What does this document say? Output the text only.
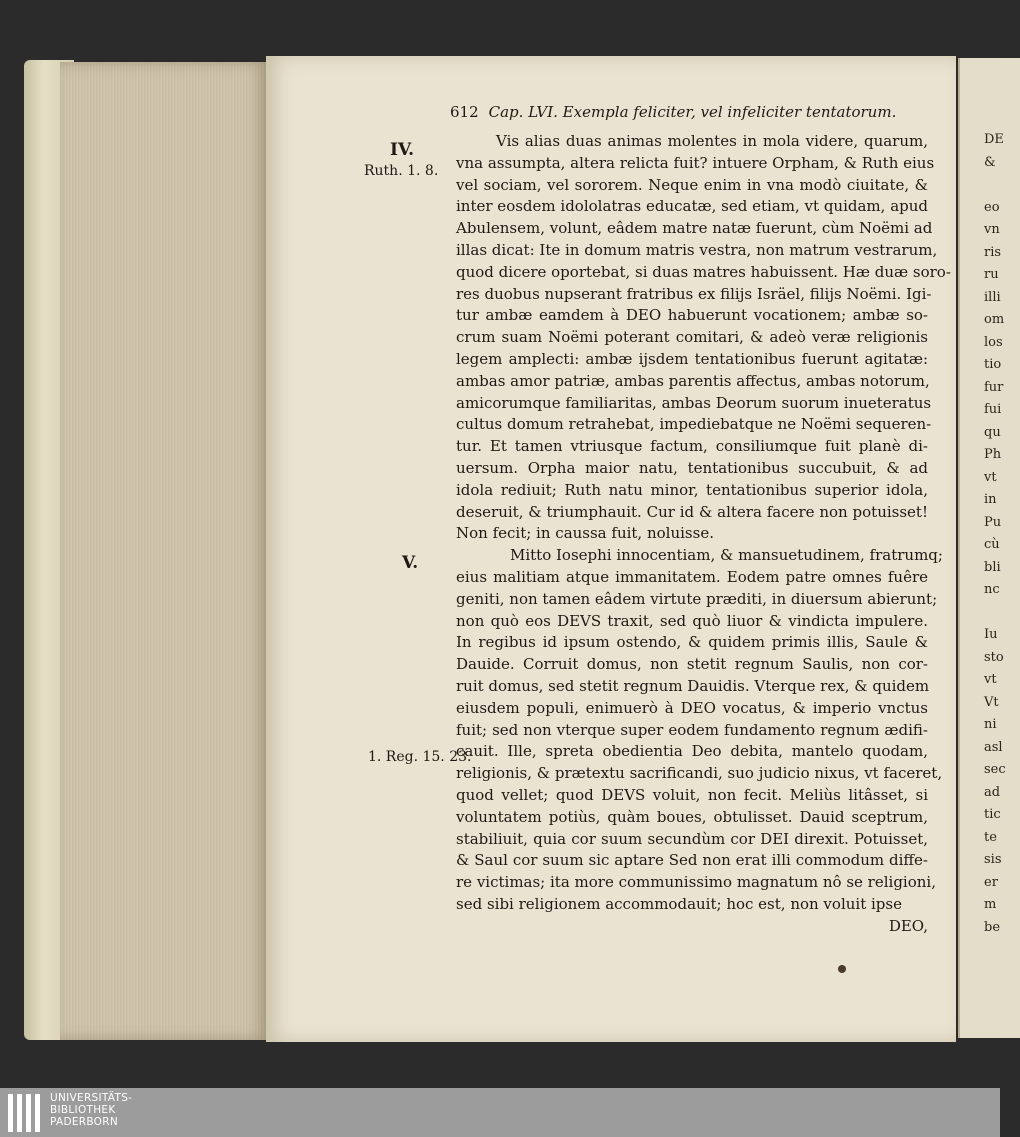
DE
&
eo
vn
ris
ru
illi
om
los
tio
fur
fui
qu
Ph
vt
in
Pu
cù
bli
nc
Iu
sto
vt
Vt
ni
asl
sec
ad
tic
te
sis
er
m
be
612 Cap. LVI. Exempla feliciter, vel infeliciter tentatorum.
IV.
Ruth. 1. 8.
V.
1. Reg. 15. 23.
Vis alias duas animas molentes in mola videre, quarum,
vna assumpta, altera relicta fuit? intuere Orpham, & Ruth eius
vel sociam, vel sororem. Neque enim in vna modò ciuitate, &
inter eosdem idololatras educatæ, sed etiam, vt quidam, apud
Abulensem, volunt, eâdem matre natæ fuerunt, cùm Noëmi ad
illas dicat: Ite in domum matris vestra, non matrum vestrarum,
quod dicere oportebat, si duas matres habuissent. Hæ duæ soro-
res duobus nupserant fratribus ex filijs Isräel, filijs Noëmi. Igi-
tur ambæ eamdem à DEO habuerunt vocationem; ambæ so-
crum suam Noëmi poterant comitari, & adeò veræ religionis
legem amplecti: ambæ ijsdem tentationibus fuerunt agitatæ:
ambas amor patriæ, ambas parentis affectus, ambas notorum,
amicorumque familiaritas, ambas Deorum suorum inueteratus
cultus domum retrahebat, impediebatque ne Noëmi sequeren-
tur. Et tamen vtriusque factum, consiliumque fuit planè di-
uersum. Orpha maior natu, tentationibus succubuit, & ad
idola rediuit; Ruth natu minor, tentationibus superior idola,
deseruit, & triumphauit. Cur id & altera facere non potuisset!
Non fecit; in caussa fuit, noluisse.
Mitto Iosephi innocentiam, & mansuetudinem, fratrumq;
eius malitiam atque immanitatem. Eodem patre omnes fuêre
geniti, non tamen eâdem virtute præditi, in diuersum abierunt;
non quò eos DEVS traxit, sed quò liuor & vindicta impulere.
In regibus id ipsum ostendo, & quidem primis illis, Saule &
Dauide. Corruit domus, non stetit regnum Saulis, non cor-
ruit domus, sed stetit regnum Dauidis. Vterque rex, & quidem
eiusdem populi, enimuerò à DEO vocatus, & imperio vnctus
fuit; sed non vterque super eodem fundamento regnum ædifi-
cauit. Ille, spreta obedientia Deo debita, mantelo quodam,
religionis, & prætextu sacrificandi, suo judicio nixus, vt faceret,
quod vellet; quod DEVS voluit, non fecit. Meliùs litâsset, si
voluntatem potiùs, quàm boues, obtulisset. Dauid sceptrum,
stabiliuit, quia cor suum secundùm cor DEI direxit. Potuisset,
& Saul cor suum sic aptare Sed non erat illi commodum diffe-
re victimas; ita more communissimo magnatum nô se religioni,
sed sibi religionem accommodauit; hoc est, non voluit ipse
DEO,
UNIVERSITÄTS-
BIBLIOTHEK
PADERBORN
